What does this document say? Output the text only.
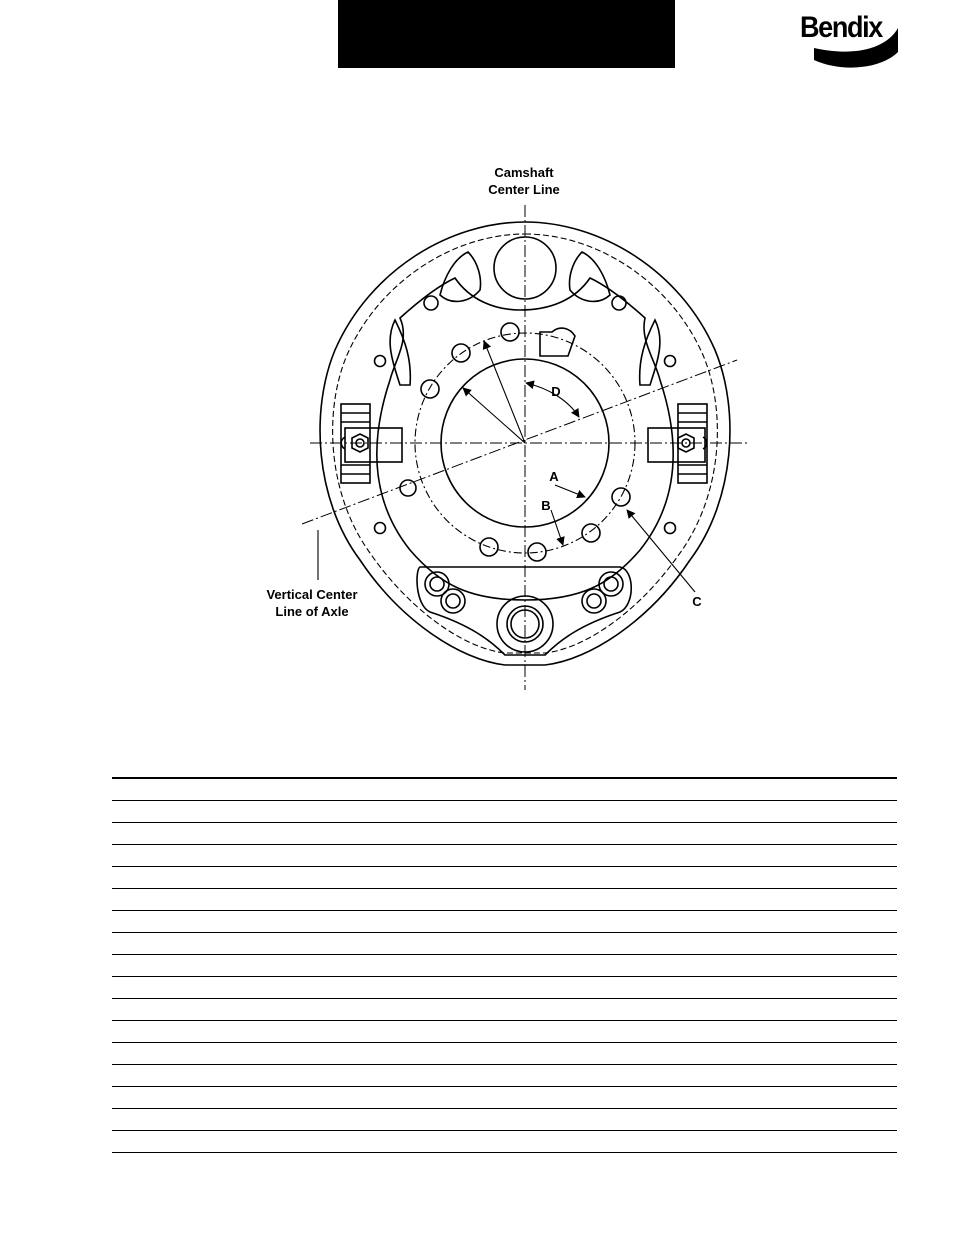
Bendix
Camshaft
Center Line
Vertical Center
Line of Axle
D
A
B
C
